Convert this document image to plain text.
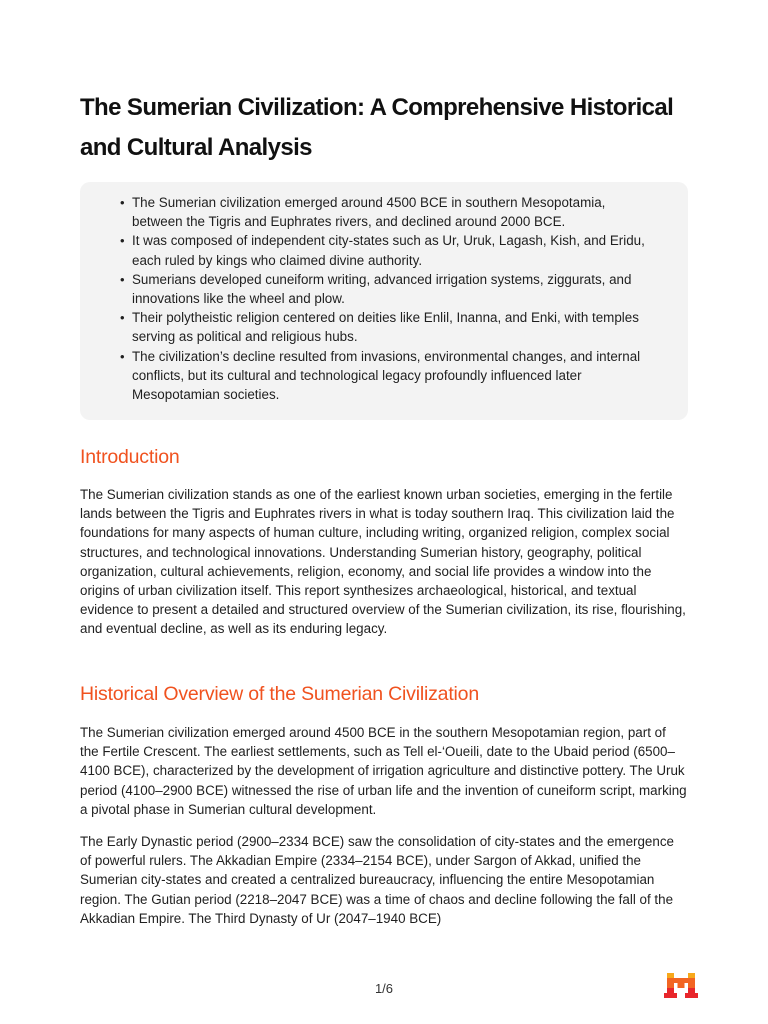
The Sumerian Civilization: A Comprehensive Historical and Cultural Analysis
• The Sumerian civilization emerged around 4500 BCE in southern Mesopotamia, between the Tigris and Euphrates rivers, and declined around 2000 BCE.
• It was composed of independent city-states such as Ur, Uruk, Lagash, Kish, and Eridu, each ruled by kings who claimed divine authority.
• Sumerians developed cuneiform writing, advanced irrigation systems, ziggurats, and innovations like the wheel and plow.
• Their polytheistic religion centered on deities like Enlil, Inanna, and Enki, with temples serving as political and religious hubs.
• The civilization’s decline resulted from invasions, environmental changes, and internal conflicts, but its cultural and technological legacy profoundly influenced later Mesopotamian societies.
Introduction

The Sumerian civilization stands as one of the earliest known urban societies, emerging in the fertile lands between the Tigris and Euphrates rivers in what is today southern Iraq. This civilization laid the foundations for many aspects of human culture, including writing, organized religion, complex social structures, and technological innovations. Understanding Sumerian history, geography, political organization, cultural achievements, religion, economy, and social life provides a window into the origins of urban civilization itself. This report synthesizes archaeological, historical, and textual evidence to present a detailed and structured overview of the Sumerian civilization, its rise, flourishing, and eventual decline, as well as its enduring legacy.

Historical Overview of the Sumerian Civilization

The Sumerian civilization emerged around 4500 BCE in the southern Mesopotamian region, part of the Fertile Crescent. The earliest settlements, such as Tell el-‘Oueili, date to the Ubaid period (6500–4100 BCE), characterized by the development of irrigation agriculture and distinctive pottery. The Uruk period (4100–2900 BCE) witnessed the rise of urban life and the invention of cuneiform script, marking a pivotal phase in Sumerian cultural development.

The Early Dynastic period (2900–2334 BCE) saw the consolidation of city-states and the emergence of powerful rulers. The Akkadian Empire (2334–2154 BCE), under Sargon of Akkad, unified the Sumerian city-states and created a centralized bureaucracy, influencing the entire Mesopotamian region. The Gutian period (2218–2047 BCE) was a time of chaos and decline following the fall of the Akkadian Empire. The Third Dynasty of Ur (2047–1940 BCE)

1/6
